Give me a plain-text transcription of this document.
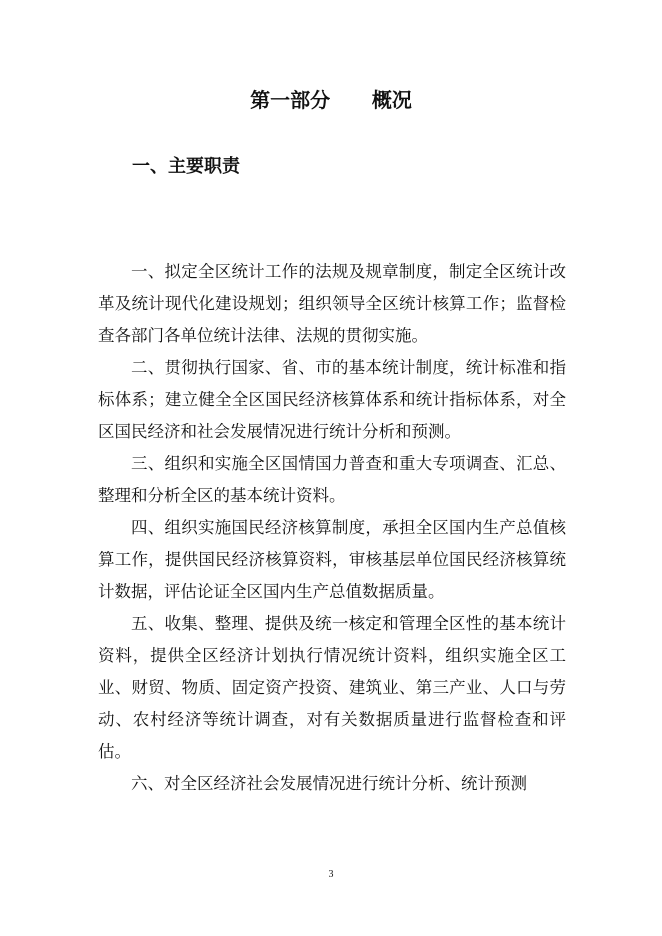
第一部分      概况
一、主要职责

一、拟定全区统计工作的法规及规章制度，制定全区统计改革及统计现代化建设规划；组织领导全区统计核算工作；监督检查各部门各单位统计法律、法规的贯彻实施。

二、贯彻执行国家、省、市的基本统计制度，统计标准和指标体系；建立健全全区国民经济核算体系和统计指标体系，对全区国民经济和社会发展情况进行统计分析和预测。

三、组织和实施全区国情国力普查和重大专项调查、汇总、整理和分析全区的基本统计资料。

四、组织实施国民经济核算制度，承担全区国内生产总值核算工作，提供国民经济核算资料，审核基层单位国民经济核算统计数据，评估论证全区国内生产总值数据质量。

五、收集、整理、提供及统一核定和管理全区性的基本统计资料，提供全区经济计划执行情况统计资料，组织实施全区工业、财贸、物质、固定资产投资、建筑业、第三产业、人口与劳动、农村经济等统计调查，对有关数据质量进行监督检查和评估。

六、对全区经济社会发展情况进行统计分析、统计预测

3
